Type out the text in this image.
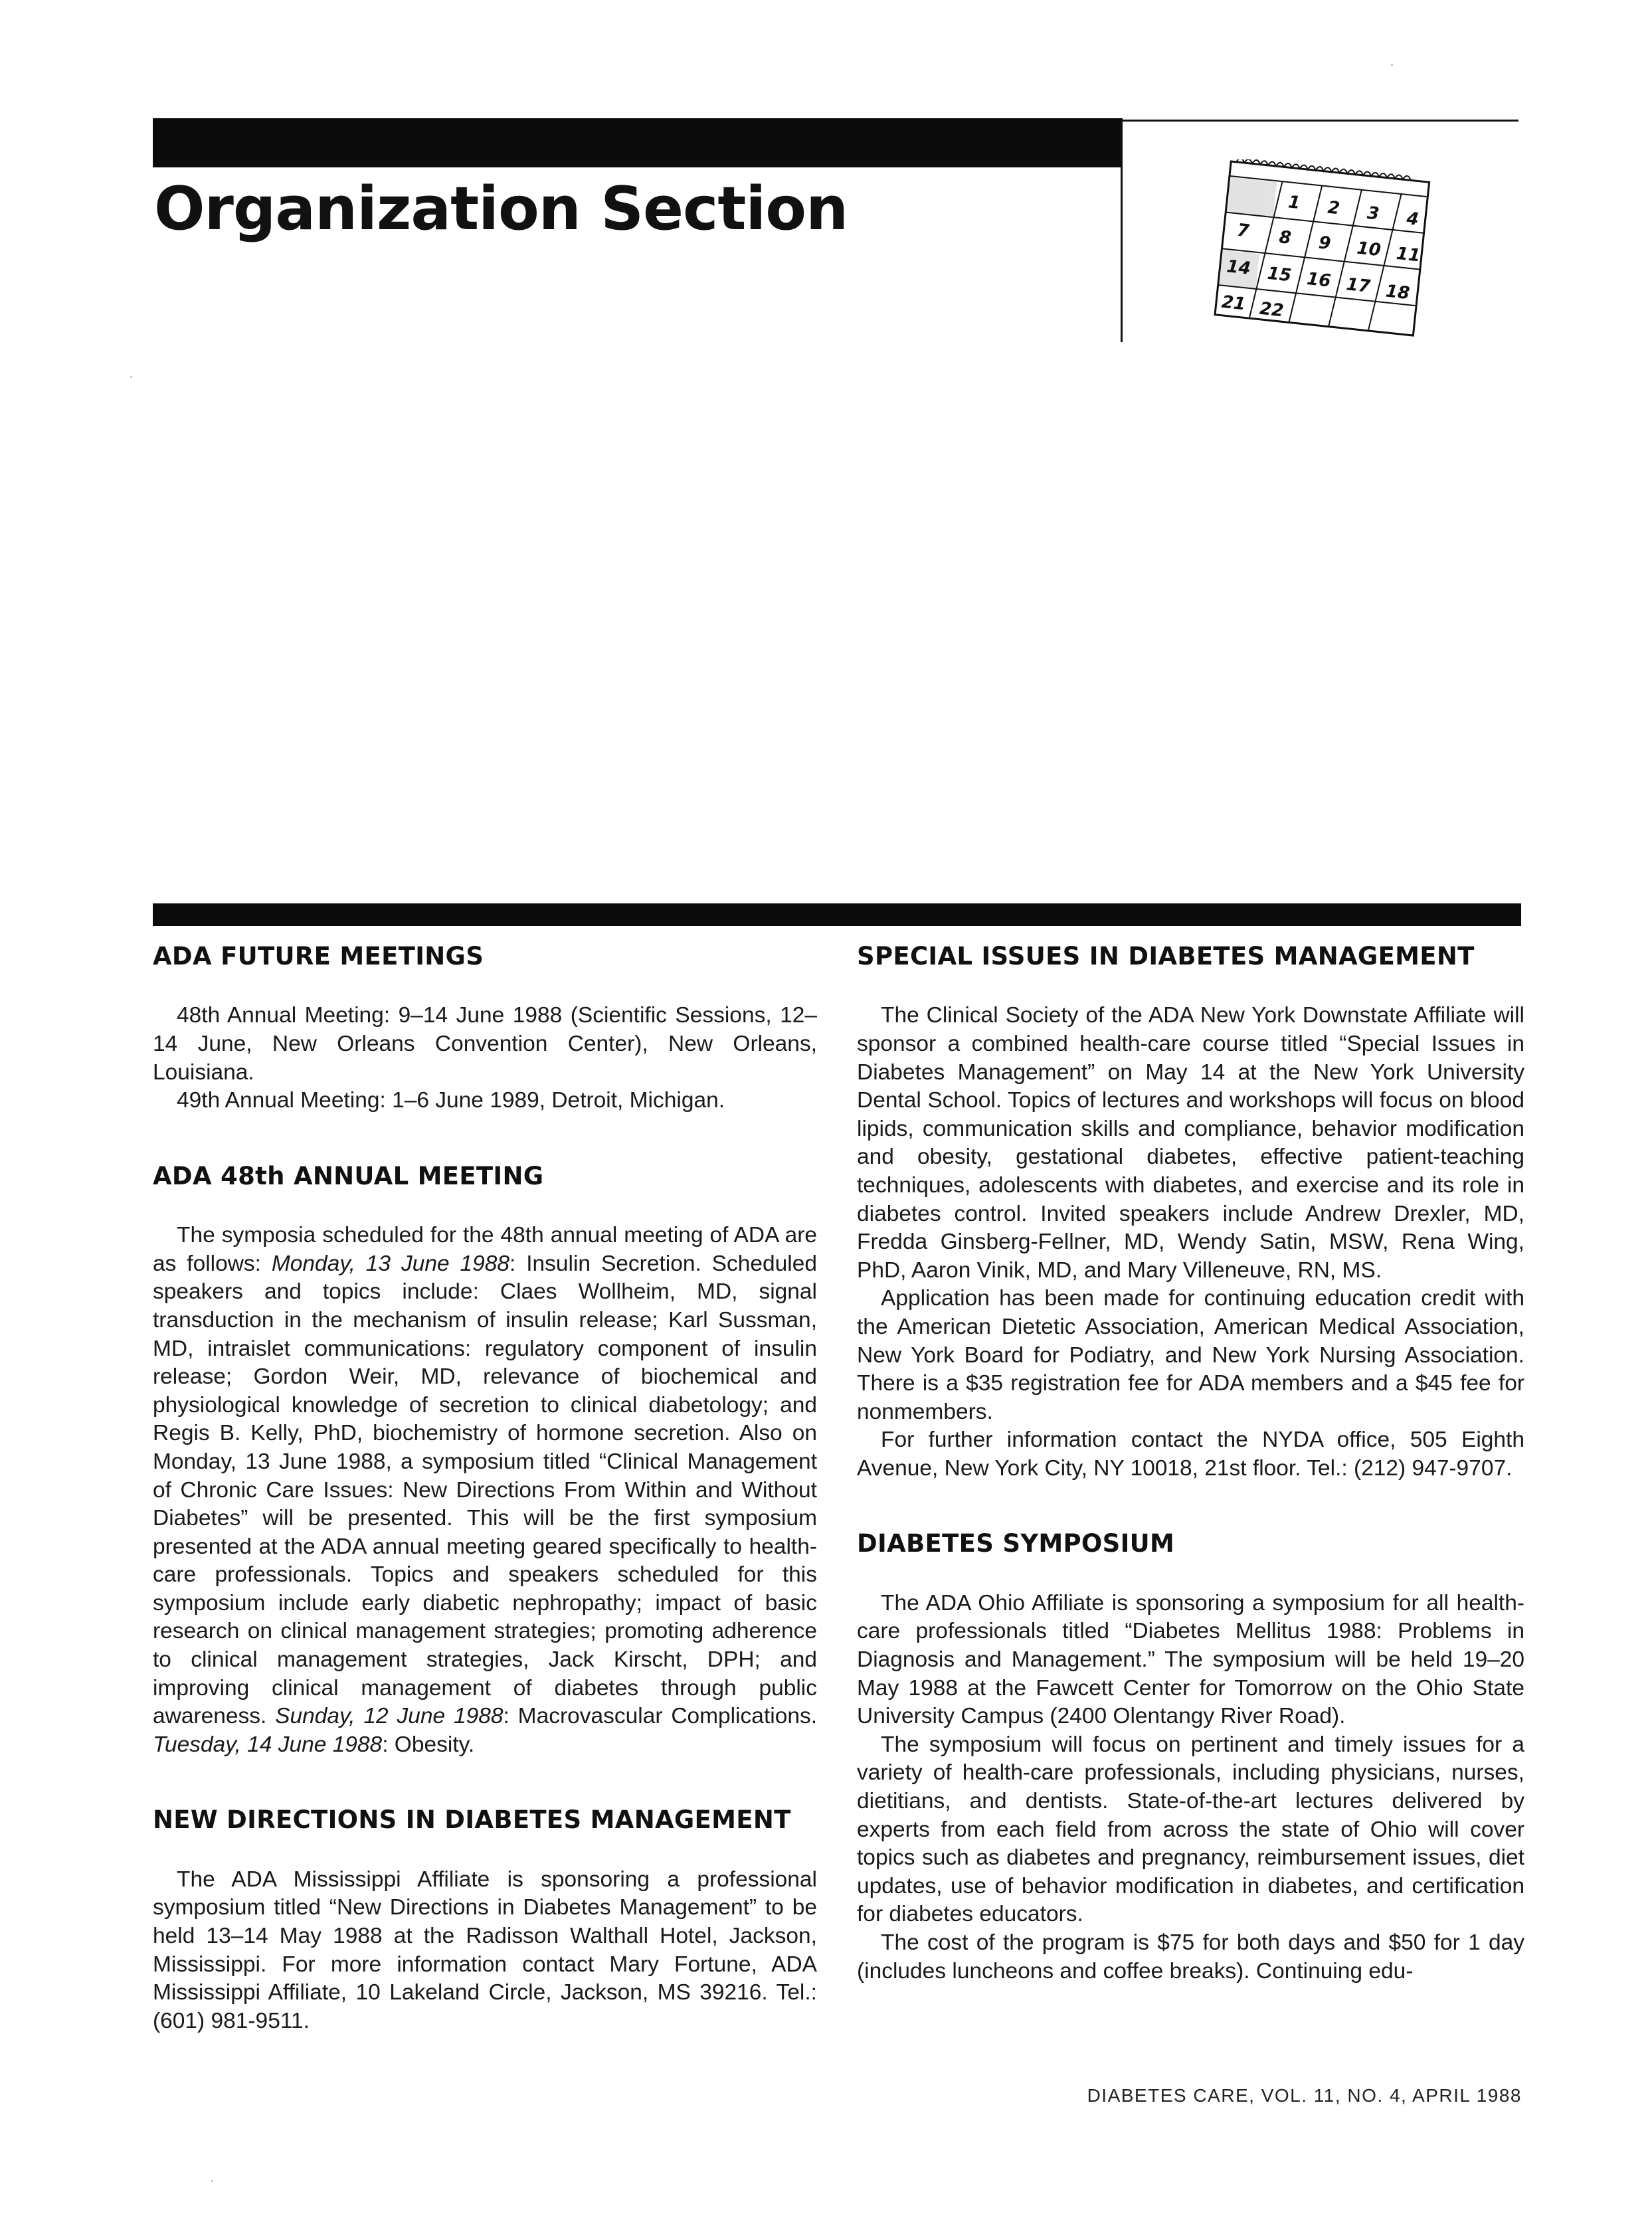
Organization Section	1 2 3 4
7 8 9 10 11
14 15 16 17 18
21 22
ADA FUTURE MEETINGS

48th Annual Meeting: 9–14 June 1988 (Scientific Sessions, 12–14 June, New Orleans Convention Center), New Orleans, Louisiana.

49th Annual Meeting: 1–6 June 1989, Detroit, Michigan.

ADA 48th ANNUAL MEETING

The symposia scheduled for the 48th annual meeting of ADA are as follows: Monday, 13 June 1988: Insulin Secretion. Scheduled speakers and topics include: Claes Wollheim, MD, signal transduction in the mechanism of insulin release; Karl Sussman, MD, intraislet communications: regulatory component of insulin release; Gordon Weir, MD, relevance of biochemical and physiological knowledge of secretion to clinical diabetology; and Regis B. Kelly, PhD, biochemistry of hormone secretion. Also on Monday, 13 June 1988, a symposium titled “Clinical Management of Chronic Care Issues: New Directions From Within and Without Diabetes” will be presented. This will be the first symposium presented at the ADA annual meeting geared specifically to health-care professionals. Topics and speakers scheduled for this symposium include early diabetic nephropathy; impact of basic research on clinical management strategies; promoting adherence to clinical management strategies, Jack Kirscht, DPH; and improving clinical management of diabetes through public awareness. Sunday, 12 June 1988: Macrovascular Complications. Tuesday, 14 June 1988: Obesity.

NEW DIRECTIONS IN DIABETES MANAGEMENT

The ADA Mississippi Affiliate is sponsoring a professional symposium titled “New Directions in Diabetes Management” to be held 13–14 May 1988 at the Radisson Walthall Hotel, Jackson, Mississippi. For more information contact Mary Fortune, ADA Mississippi Affiliate, 10 Lakeland Circle, Jackson, MS 39216. Tel.: (601) 981-9511.

SPECIAL ISSUES IN DIABETES MANAGEMENT

The Clinical Society of the ADA New York Downstate Affiliate will sponsor a combined health-care course titled “Special Issues in Diabetes Management” on May 14 at the New York University Dental School. Topics of lectures and workshops will focus on blood lipids, communication skills and compliance, behavior modification and obesity, gestational diabetes, effective patient-teaching techniques, adolescents with diabetes, and exercise and its role in diabetes control. Invited speakers include Andrew Drexler, MD, Fredda Ginsberg-Fellner, MD, Wendy Satin, MSW, Rena Wing, PhD, Aaron Vinik, MD, and Mary Villeneuve, RN, MS.

Application has been made for continuing education credit with the American Dietetic Association, American Medical Association, New York Board for Podiatry, and New York Nursing Association. There is a $35 registration fee for ADA members and a $45 fee for nonmembers.

For further information contact the NYDA office, 505 Eighth Avenue, New York City, NY 10018, 21st floor. Tel.: (212) 947-9707.

DIABETES SYMPOSIUM

The ADA Ohio Affiliate is sponsoring a symposium for all health-care professionals titled “Diabetes Mellitus 1988: Problems in Diagnosis and Management.” The symposium will be held 19–20 May 1988 at the Fawcett Center for Tomorrow on the Ohio State University Campus (2400 Olentangy River Road).

The symposium will focus on pertinent and timely issues for a variety of health-care professionals, including physicians, nurses, dietitians, and dentists. State-of-the-art lectures delivered by experts from each field from across the state of Ohio will cover topics such as diabetes and pregnancy, reimbursement issues, diet updates, use of behavior modification in diabetes, and certification for diabetes educators.

The cost of the program is $75 for both days and $50 for 1 day (includes luncheons and coffee breaks). Continuing edu-

DIABETES CARE, VOL. 11, NO. 4, APRIL 1988
